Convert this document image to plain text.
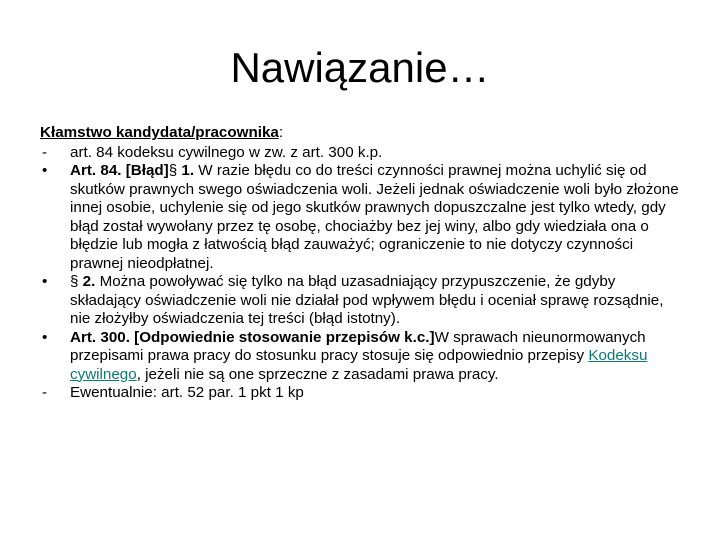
Nawiązanie…
Kłamstwo kandydata/pracownika:
-	art. 84 kodeksu cywilnego w zw. z art. 300 k.p.
•	Art. 84. [Błąd]§ 1. W razie błędu co do treści czynności prawnej można uchylić się od skutków prawnych swego oświadczenia woli. Jeżeli jednak oświadczenie woli było złożone innej osobie, uchylenie się od jego skutków prawnych dopuszczalne jest tylko wtedy, gdy błąd został wywołany przez tę osobę, chociażby bez jej winy, albo gdy wiedziała ona o błędzie lub mogła z łatwością błąd zauważyć; ograniczenie to nie dotyczy czynności prawnej nieodpłatnej.
•	§ 2. Można powoływać się tylko na błąd uzasadniający przypuszczenie, że gdyby składający oświadczenie woli nie działał pod wpływem błędu i oceniał sprawę rozsądnie, nie złożyłby oświadczenia tej treści (błąd istotny).
•	Art. 300. [Odpowiednie stosowanie przepisów k.c.]W sprawach nieunormowanych przepisami prawa pracy do stosunku pracy stosuje się odpowiednio przepisy Kodeksu cywilnego, jeżeli nie są one sprzeczne z zasadami prawa pracy.
-	Ewentualnie: art. 52 par. 1 pkt 1 kp
